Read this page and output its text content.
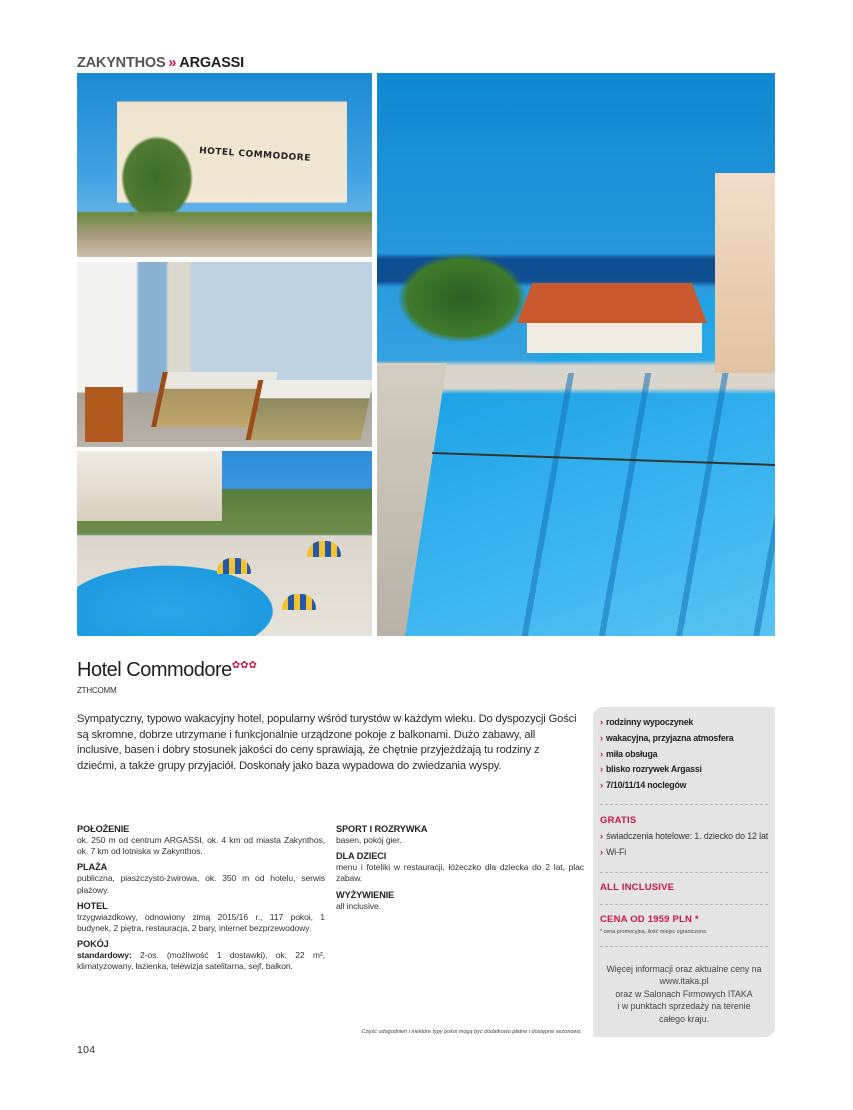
ZAKYNTHOS » ARGASSI
HOTEL COMMODORE
Hotel Commodore✿✿✿
ZTHCOMM
Sympatyczny, typowo wakacyjny hotel, popularny wśród turystów w każdym wieku. Do dyspozycji Gości są skromne, dobrze utrzymane i funkcjonalnie urządzone pokoje z balkonami. Dużo zabawy, all inclusive, basen i dobry stosunek jakości do ceny sprawiają, że chętnie przyjeżdżają tu rodziny z dziećmi, a także grupy przyjaciół. Doskonały jako baza wypadowa do zwiedzania wyspy.
POŁOŻENIE
ok. 250 m od centrum ARGASSI, ok. 4 km od miasta Zakynthos, ok. 7 km od lotniska w Zakynthos.
PLAŻA
publiczna, piaszczysto-żwirowa, ok. 350 m od hotelu, serwis plażowy.
HOTEL
trzygwiazdkowy, odnowiony zimą 2015/16 r., 117 pokoi, 1 budynek, 2 piętra, restauracja, 2 bary, internet bezprzewodowy.
POKÓJ
standardowy: 2-os. (możliwość 1 dostawki), ok. 22 m², klimatyzowany, łazienka, telewizja satelitarna, sejf, balkon.
SPORT I ROZRYWKA
basen, pokój gier.
DLA DZIECI
menu i foteliki w restauracji, łóżeczko dla dziecka do 2 lat, plac zabaw.
WYŻYWIENIE
all inclusive.
Część udogodnień i niektóre typy pokoi mogą być dodatkowo płatne i dostępne sezonowo.
104
› rodzinny wypoczynek
› wakacyjna, przyjazna atmosfera
› miła obsługa
› blisko rozrywek Argassi
› 7/10/11/14 noclegów
GRATIS
› świadczenia hotelowe: 1. dziecko do 12 lat
› Wi-Fi
ALL INCLUSIVE
CENA OD 1959 PLN *
* cena promocyjna, ilość miejsc ograniczona
Więcej informacji oraz aktualne ceny na
www.itaka.pl
oraz w Salonach Firmowych ITAKA
i w punktach sprzedaży na terenie
całego kraju.
